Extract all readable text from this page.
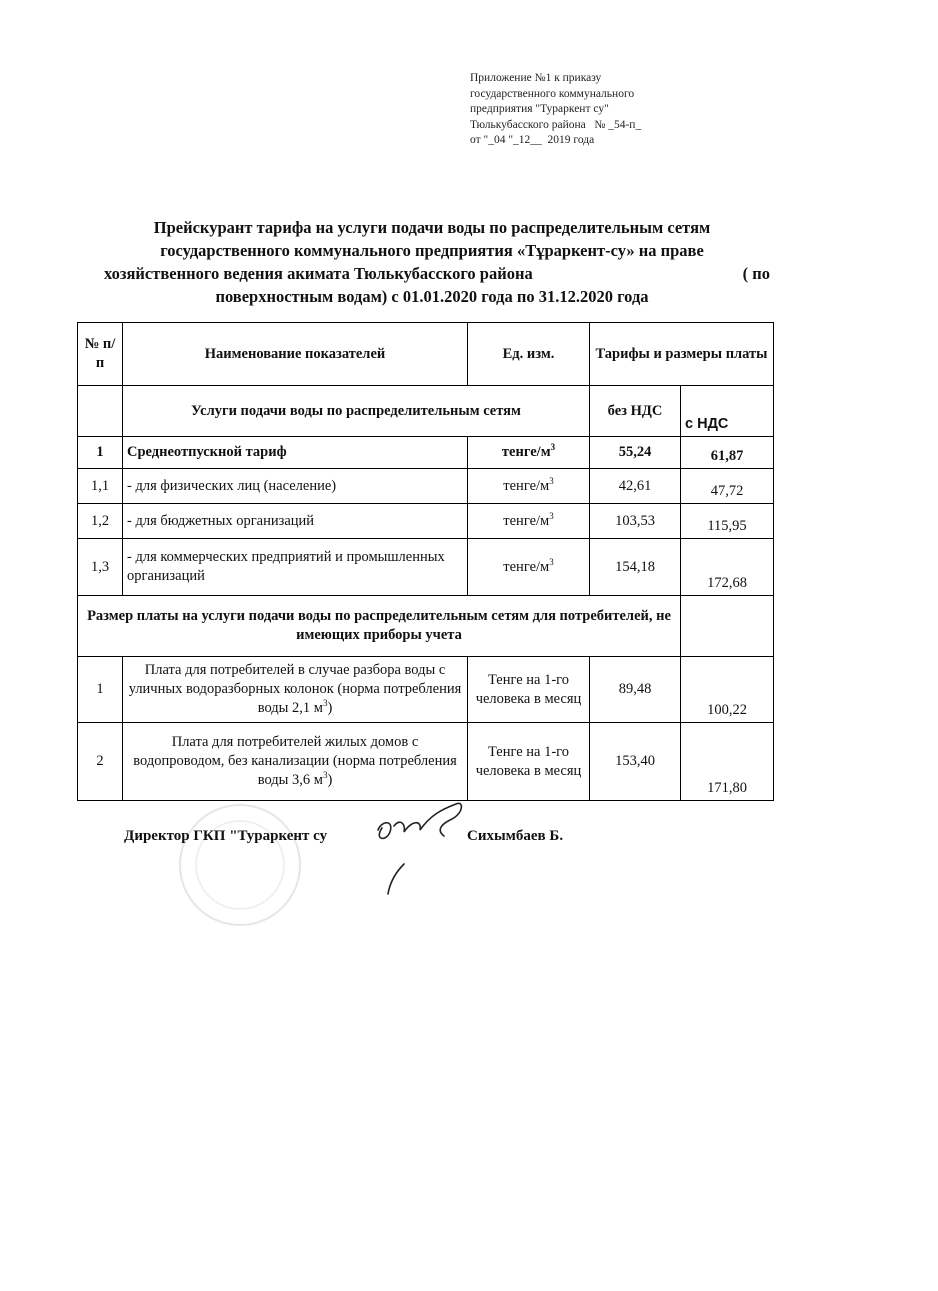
Приложение №1 к приказу
государственного коммунального
предприятия "Тураркент су"
Тюлькубасского района   № _54-п_
от "_04 "_12__  2019 года
Прейскурант тарифа на услуги подачи воды по распределительным сетям
государственного коммунального предприятия «Тұраркент-су» на праве
хозяйственного ведения акимата Тюлькубасского района	( по
поверхностным водам) с 01.01.2020 года по 31.12.2020 года
№ п/п	Наименование показателей	Ед. изм.	Тарифы и размеры платы	
	Услуги подачи воды по распределительным сетям		без НДС	с НДС
1	Среднеотпускной тариф	тенге/$м^3$	55,24	61,87
1,1	- для физических лиц (население)	тенге/$м^3$	42,61	47,72
1,2	- для бюджетных организаций	тенге/$м^3$	103,53	115,95
1,3	- для коммерческих предприятий и промышленных организаций	тенге/$м^3$	154,18	172,68
Размер платы на услуги подачи воды по распределительным сетям для потребителей, не имеющих приборы учета				
1	Плата для потребителей в случае разбора воды с уличных водоразборных колонок (норма потребления воды 2,1 $м^3$)	Тенге на 1-го человека в месяц	89,48	100,22
2	Плата для потребителей жилых домов с водопроводом, без канализации (норма потребления воды 3,6 $м^3$)	Тенге на 1-го человека в месяц	153,40	171,80
Директор ГКП "Тураркент су	Сихымбаев Б.
